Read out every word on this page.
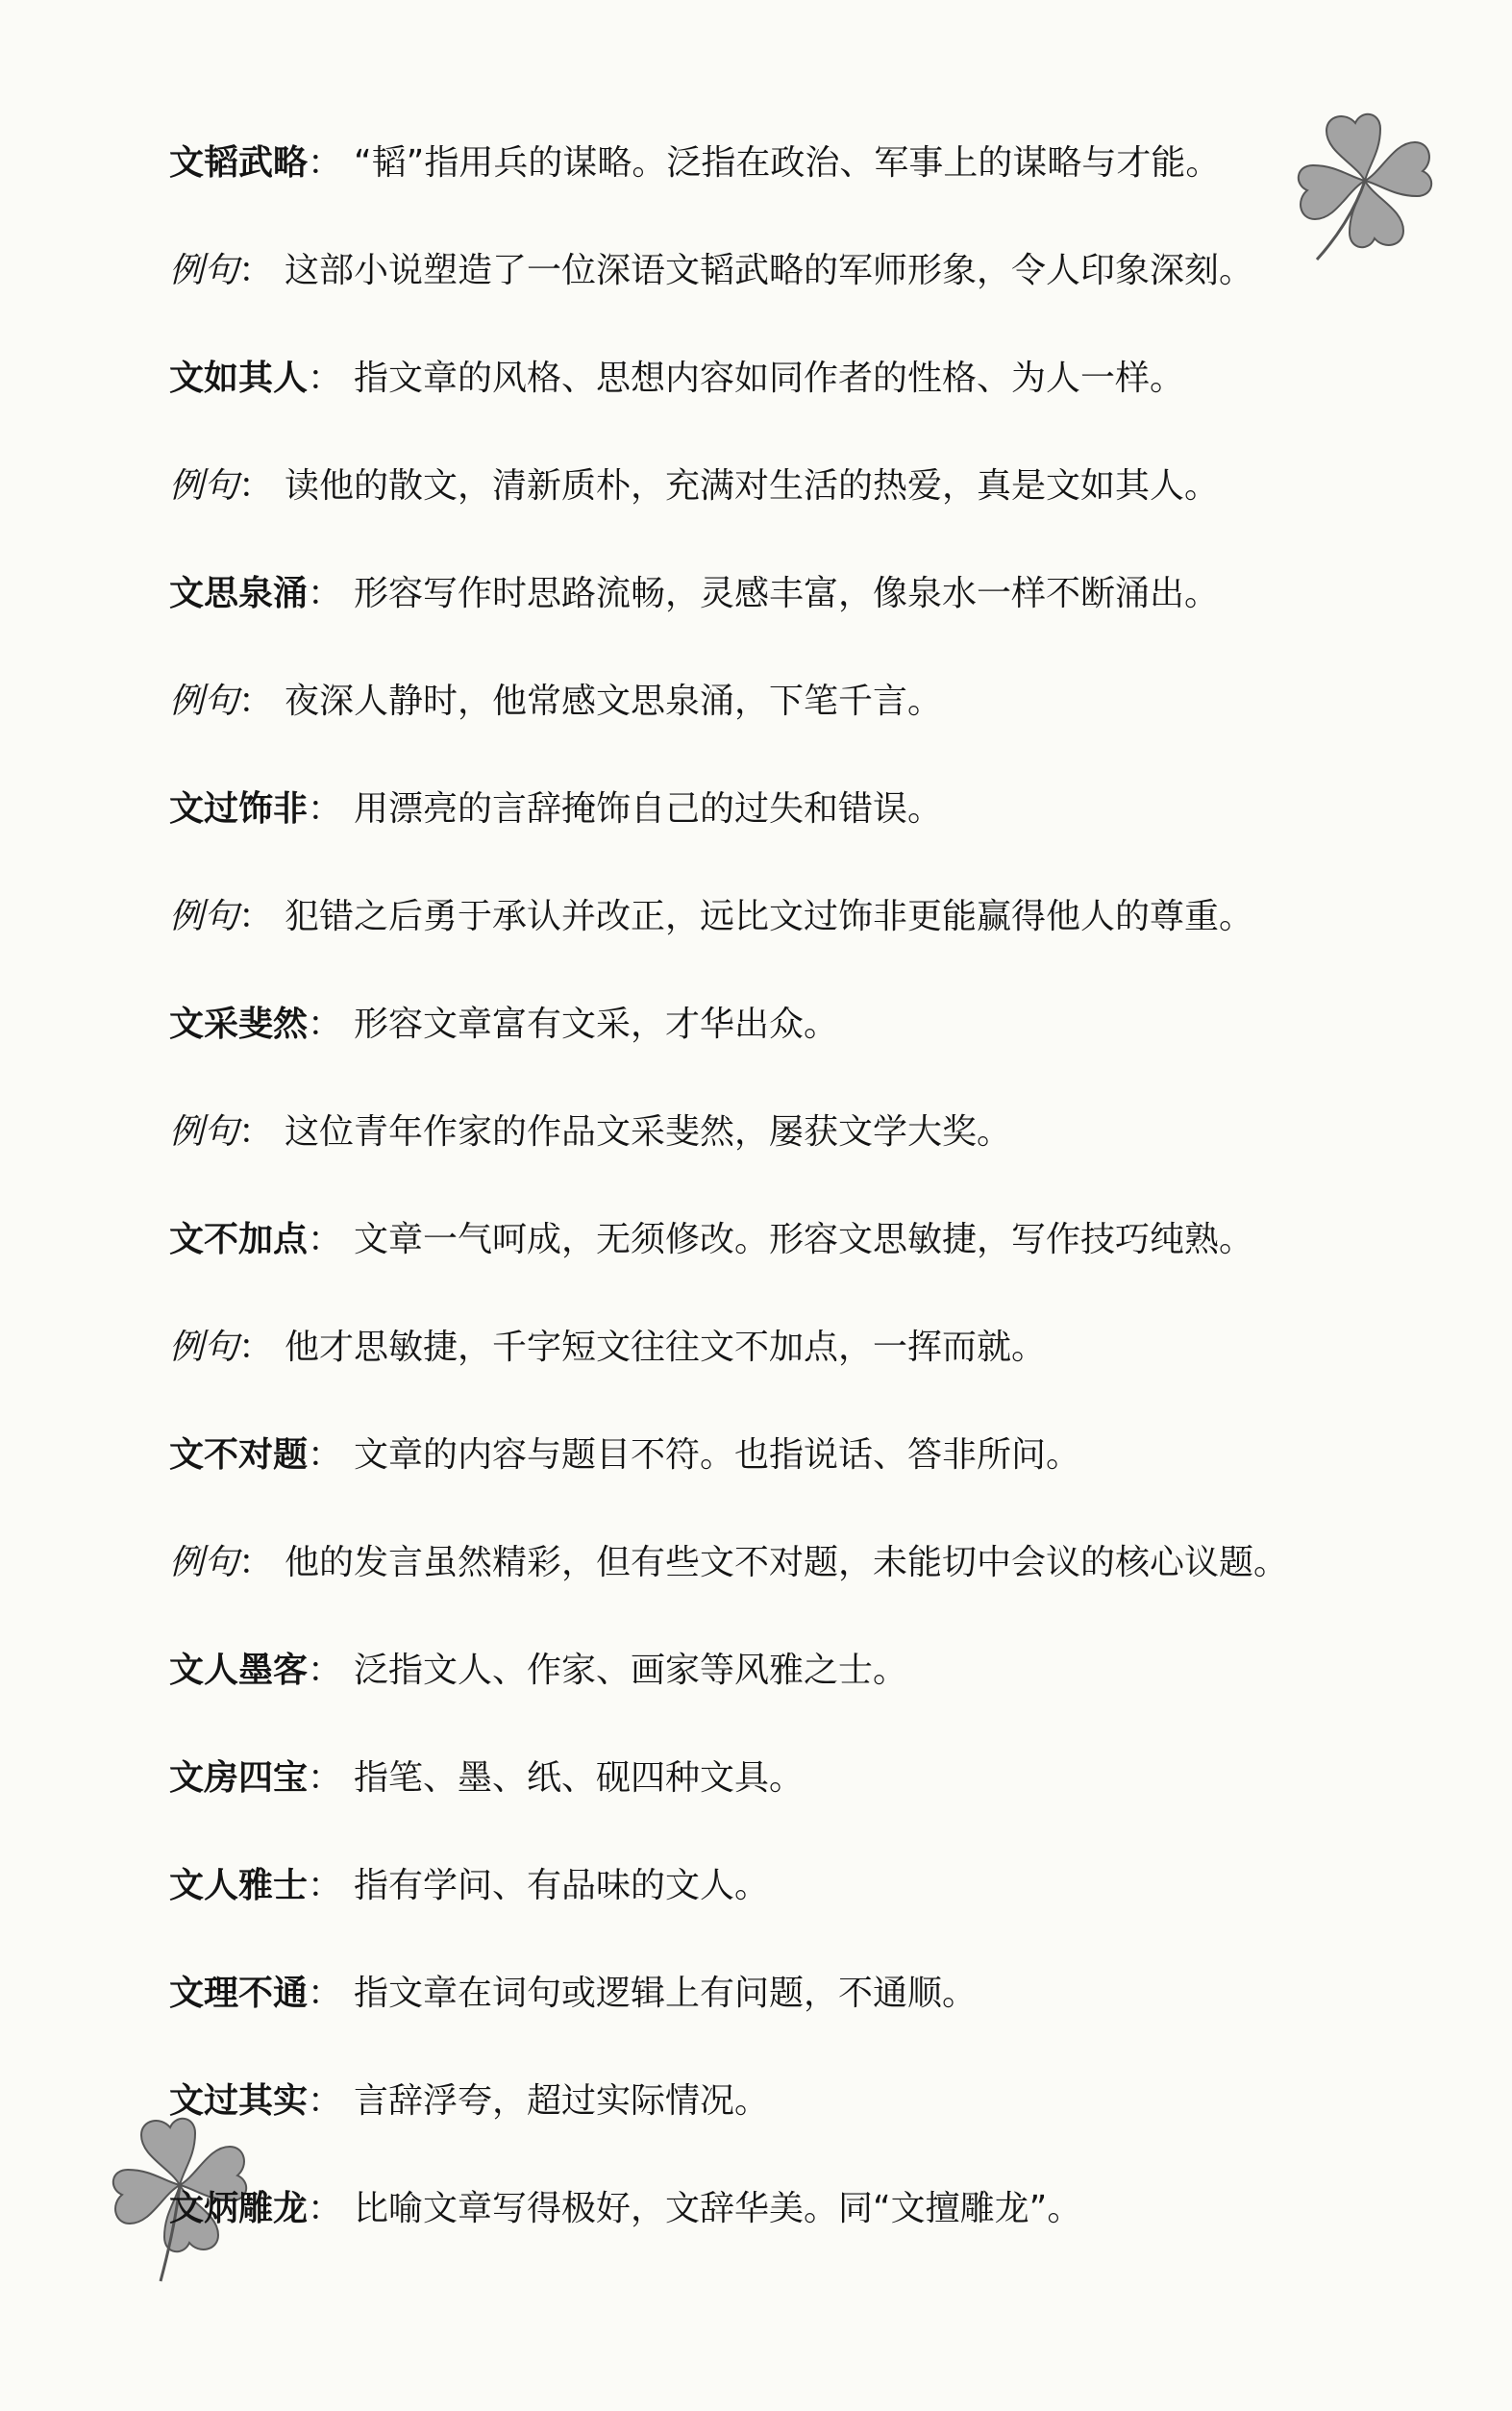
文韬武略： “韬”指用兵的谋略。泛指在政治、军事上的谋略与才能。
例句： 这部小说塑造了一位深语文韬武略的军师形象，令人印象深刻。
文如其人： 指文章的风格、思想内容如同作者的性格、为人一样。
例句： 读他的散文，清新质朴，充满对生活的热爱，真是文如其人。
文思泉涌： 形容写作时思路流畅，灵感丰富，像泉水一样不断涌出。
例句： 夜深人静时，他常感文思泉涌，下笔千言。
文过饰非： 用漂亮的言辞掩饰自己的过失和错误。
例句： 犯错之后勇于承认并改正，远比文过饰非更能赢得他人的尊重。
文采斐然： 形容文章富有文采，才华出众。
例句： 这位青年作家的作品文采斐然，屡获文学大奖。
文不加点： 文章一气呵成，无须修改。形容文思敏捷，写作技巧纯熟。
例句： 他才思敏捷，千字短文往往文不加点，一挥而就。
文不对题： 文章的内容与题目不符。也指说话、答非所问。
例句： 他的发言虽然精彩，但有些文不对题，未能切中会议的核心议题。
文人墨客： 泛指文人、作家、画家等风雅之士。
文房四宝： 指笔、墨、纸、砚四种文具。
文人雅士： 指有学问、有品味的文人。
文理不通： 指文章在词句或逻辑上有问题，不通顺。
文过其实： 言辞浮夸，超过实际情况。
文炳雕龙： 比喻文章写得极好，文辞华美。同“文擅雕龙”。
